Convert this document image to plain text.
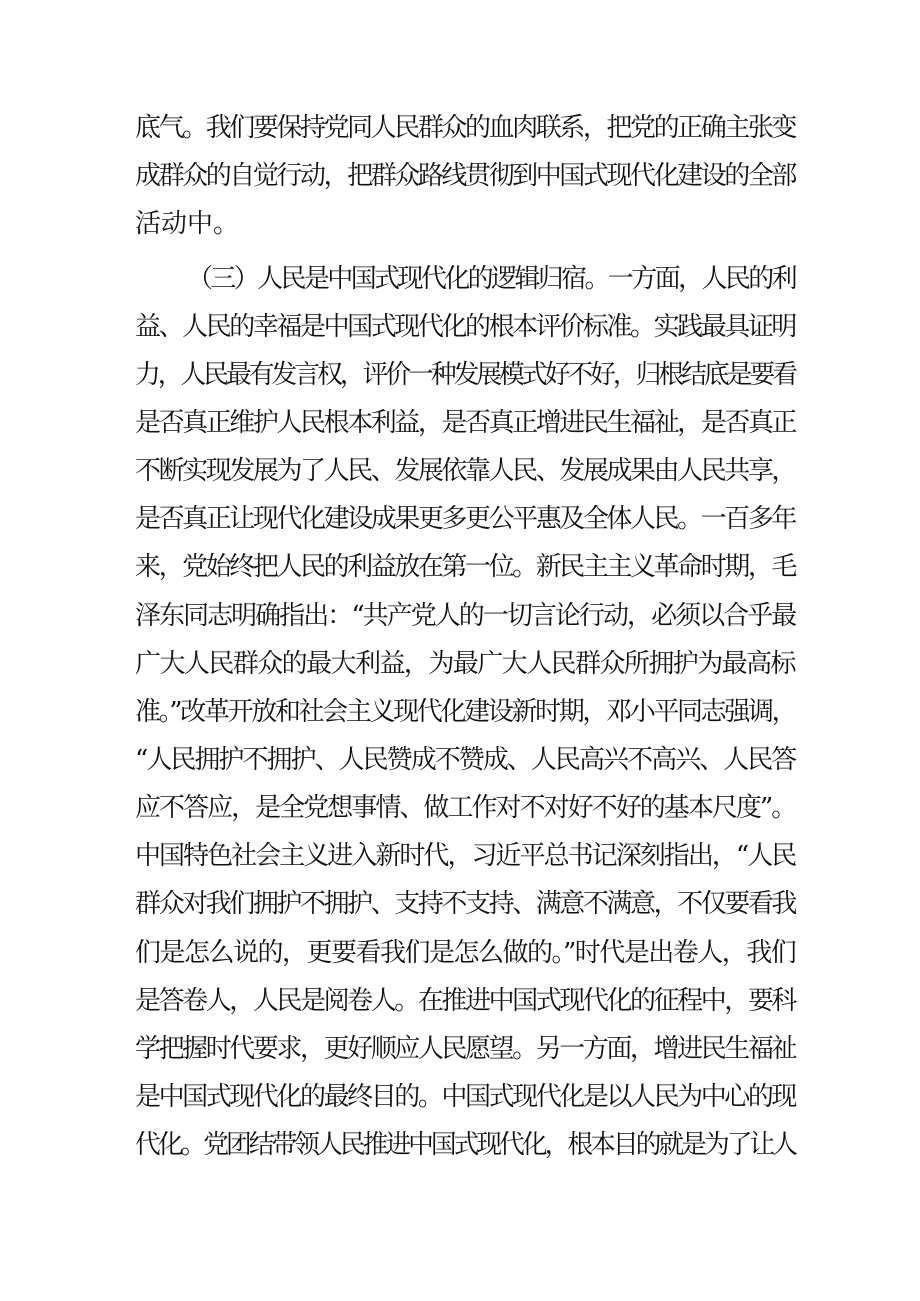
底气。我们要保持党同人民群众的血肉联系，把党的正确主张变

成群众的自觉行动，把群众路线贯彻到中国式现代化建设的全部

活动中。

（三）人民是中国式现代化的逻辑归宿。一方面，人民的利

益、人民的幸福是中国式现代化的根本评价标准。实践最具证明

力，人民最有发言权，评价一种发展模式好不好，归根结底是要看

是否真正维护人民根本利益，是否真正增进民生福祉，是否真正

不断实现发展为了人民、发展依靠人民、发展成果由人民共享，

是否真正让现代化建设成果更多更公平惠及全体人民。一百多年

来，党始终把人民的利益放在第一位。新民主主义革命时期，毛

泽东同志明确指出：“共产党人的一切言论行动，必须以合乎最

广大人民群众的最大利益，为最广大人民群众所拥护为最高标

准。”改革开放和社会主义现代化建设新时期，邓小平同志强调，

“人民拥护不拥护、人民赞成不赞成、人民高兴不高兴、人民答

应不答应，是全党想事情、做工作对不对好不好的基本尺度”。

中国特色社会主义进入新时代，习近平总书记深刻指出，“人民

群众对我们拥护不拥护、支持不支持、满意不满意，不仅要看我

们是怎么说的，更要看我们是怎么做的。”时代是出卷人，我们

是答卷人，人民是阅卷人。在推进中国式现代化的征程中，要科

学把握时代要求，更好顺应人民愿望。另一方面，增进民生福祉

是中国式现代化的最终目的。中国式现代化是以人民为中心的现

代化。党团结带领人民推进中国式现代化，根本目的就是为了让人
